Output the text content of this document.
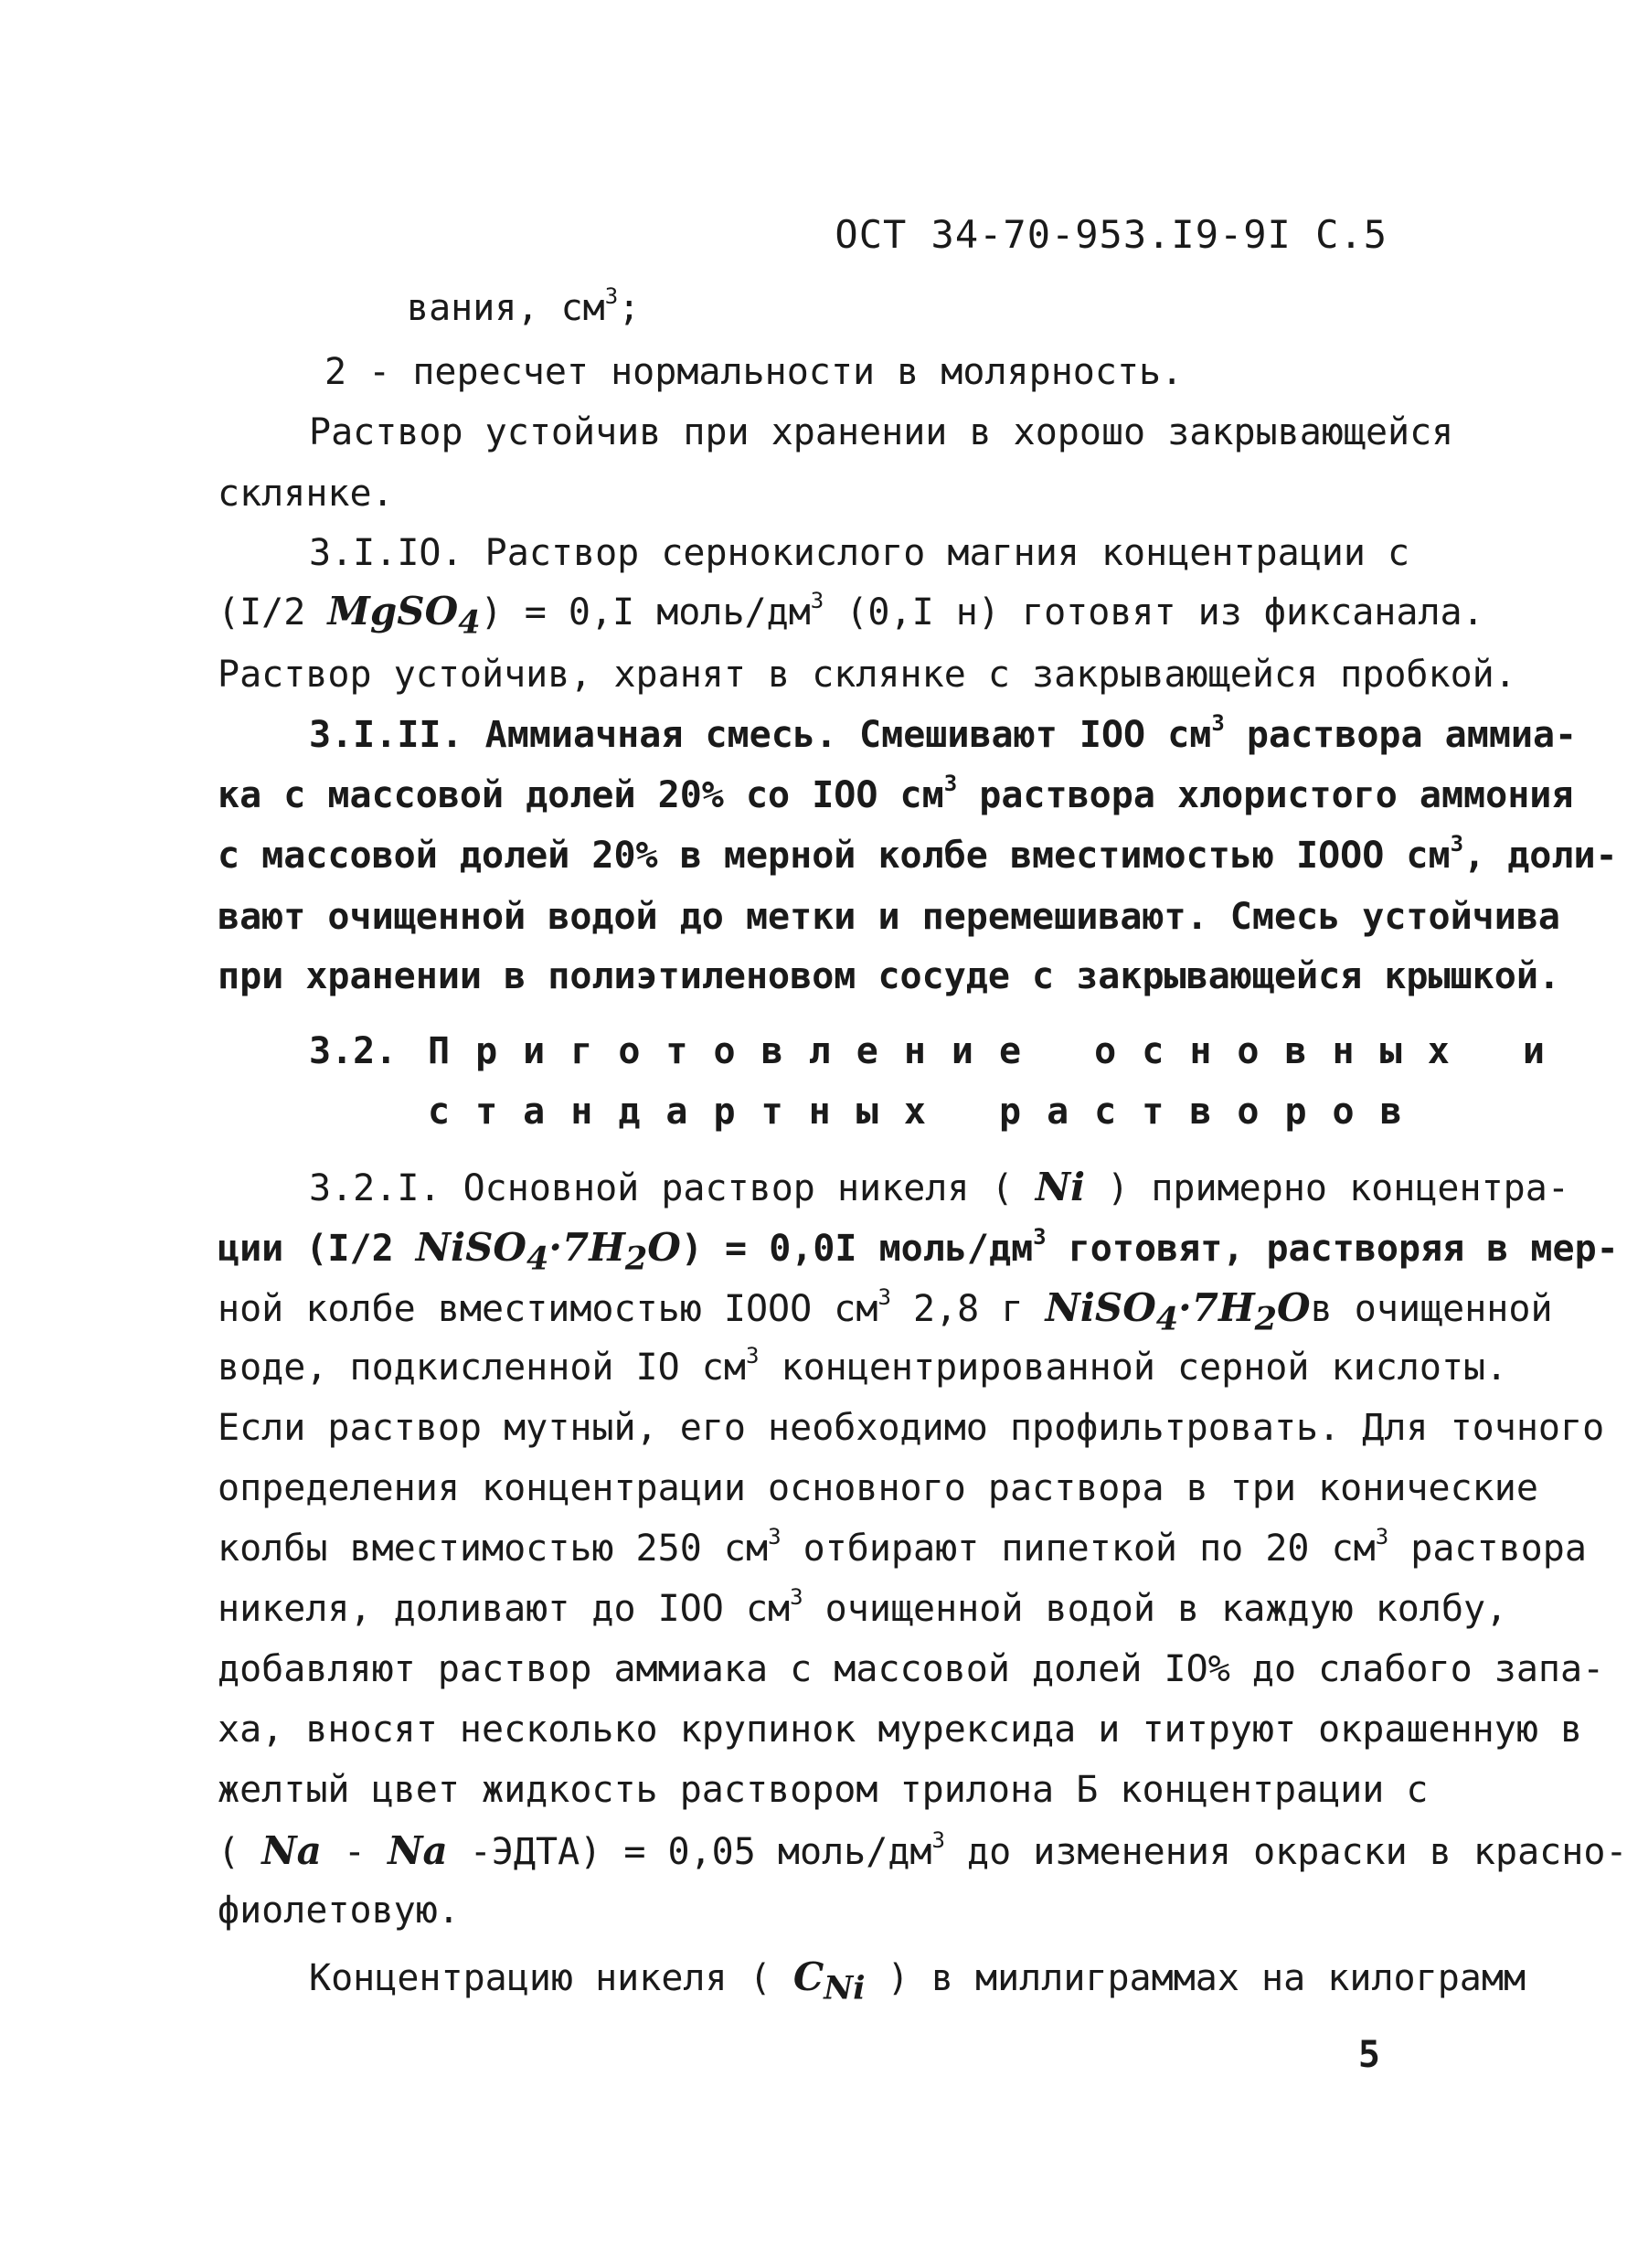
ОСТ 34-70-953.I9-9I С.5
вания, $см^3$;
2 - пересчет нормальности в молярность.
Раствор устойчив при хранении в хорошо закрывающейся
склянке.
3.I.IO. Раствор сернокислого магния концентрации с
(I/2 MgSO$_4$) = 0,I моль/$дм^3$ (0,I н) готовят из фиксанала.
Раствор устойчив, хранят в склянке с закрывающейся пробкой.
3.I.II. Аммиачная смесь. Смешивают IOO $см^3$ раствора аммиа-
ка с массовой долей 20% со IOO $см^3$ раствора хлористого аммония
с массовой долей 20% в мерной колбе вместимостью IOOO $см^3$, доли-
вают очищенной водой до метки и перемешивают. Смесь устойчива
при хранении в полиэтиленовом сосуде с закрывающейся крышкой.
3.2. Приготовление основных и
стандартных растворов
3.2.I. Основной раствор никеля ( Ni ) примерно концентра-
ции (I/2 $NiSO_4\cdot 7H_2O) = 0,0I$ моль/$дм^3$ готовят, растворяя в мер-
ной колбе вместимостью IOOO $см^3$ 2,8 г $NiSO_4\cdot 7H_2Oв$ очищенной
воде, подкисленной IO $см^3$ концентрированной серной кислоты.
Если раствор мутный, его необходимо профильтровать. Для точного
определения концентрации основного раствора в три конические
колбы вместимостью 250 $см^3$ отбирают пипеткой по 20 $см^3$ раствора
никеля, доливают до IOO $см^3$ очищенной водой в каждую колбу,
добавляют раствор аммиака с массовой долей IO% до слабого запа-
ха, вносят несколько крупинок мурексида и титруют окрашенную в
желтый цвет жидкость раствором трилона Б концентрации с
( Na - Na -ЭДТА) = 0,05 моль/$дм^3$ до изменения окраски в красно-
фиолетовую.
Концентрацию никеля ( $C_{Ni}$ ) в миллиграммах на килограмм
5
